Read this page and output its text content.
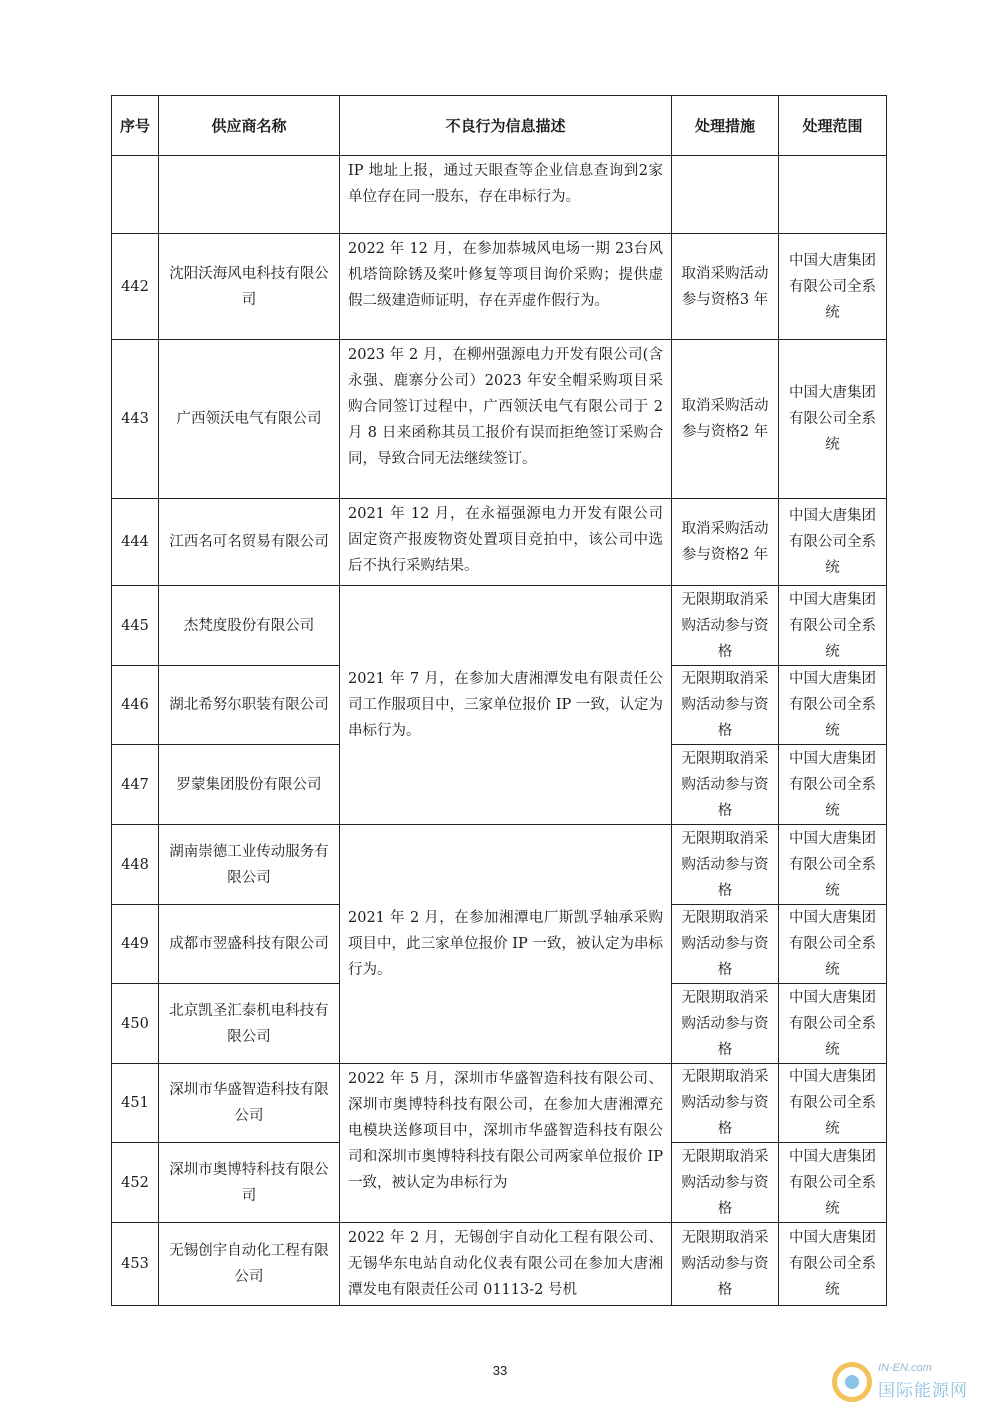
序号	供应商名称	不良行为信息描述	处理措施	处理范围
		IP 地址上报，通过天眼查等企业信息查询到2家单位存在同一股东，存在串标行为。		
442	沈阳沃海风电科技有限公司	2022 年 12 月，在参加恭城风电场一期 23台风机塔筒除锈及桨叶修复等项目询价采购；提供虚假二级建造师证明，存在弄虚作假行为。	取消采购活动参与资格3 年	中国大唐集团有限公司全系统
443	广西领沃电气有限公司	2023 年 2 月，在柳州强源电力开发有限公司(含永强、鹿寨分公司）2023 年安全帽采购项目采购合同签订过程中，广西领沃电气有限公司于 2 月 8 日来函称其员工报价有误而拒绝签订采购合同，导致合同无法继续签订。	取消采购活动参与资格2 年	中国大唐集团有限公司全系统
444	江西名可名贸易有限公司	2021 年 12 月，在永福强源电力开发有限公司固定资产报废物资处置项目竞拍中，该公司中选后不执行采购结果。	取消采购活动参与资格2 年	中国大唐集团有限公司全系统
445	杰梵度股份有限公司	2021 年 7 月，在参加大唐湘潭发电有限责任公司工作服项目中，三家单位报价 IP 一致，认定为串标行为。	无限期取消采购活动参与资格	中国大唐集团有限公司全系统
446	湖北希努尔职装有限公司		无限期取消采购活动参与资格	中国大唐集团有限公司全系统
447	罗蒙集团股份有限公司		无限期取消采购活动参与资格	中国大唐集团有限公司全系统
448	湖南崇德工业传动服务有限公司	2021 年 2 月，在参加湘潭电厂斯凯孚轴承采购项目中，此三家单位报价 IP 一致，被认定为串标行为。	无限期取消采购活动参与资格	中国大唐集团有限公司全系统
449	成都市翌盛科技有限公司		无限期取消采购活动参与资格	中国大唐集团有限公司全系统
450	北京凯圣汇泰机电科技有限公司		无限期取消采购活动参与资格	中国大唐集团有限公司全系统
451	深圳市华盛智造科技有限公司	2022 年 5 月，深圳市华盛智造科技有限公司、深圳市奥博特科技有限公司，在参加大唐湘潭充电模块送修项目中，深圳市华盛智造科技有限公司和深圳市奥博特科技有限公司两家单位报价 IP 一致，被认定为串标行为	无限期取消采购活动参与资格	中国大唐集团有限公司全系统
452	深圳市奥博特科技有限公司		无限期取消采购活动参与资格	中国大唐集团有限公司全系统
453	无锡创宇自动化工程有限公司	2022 年 2 月，无锡创宇自动化工程有限公司、无锡华东电站自动化仪表有限公司在参加大唐湘潭发电有限责任公司 01113-2 号机	无限期取消采购活动参与资格	中国大唐集团有限公司全系统
33	IN-EN.com
国际能源网
